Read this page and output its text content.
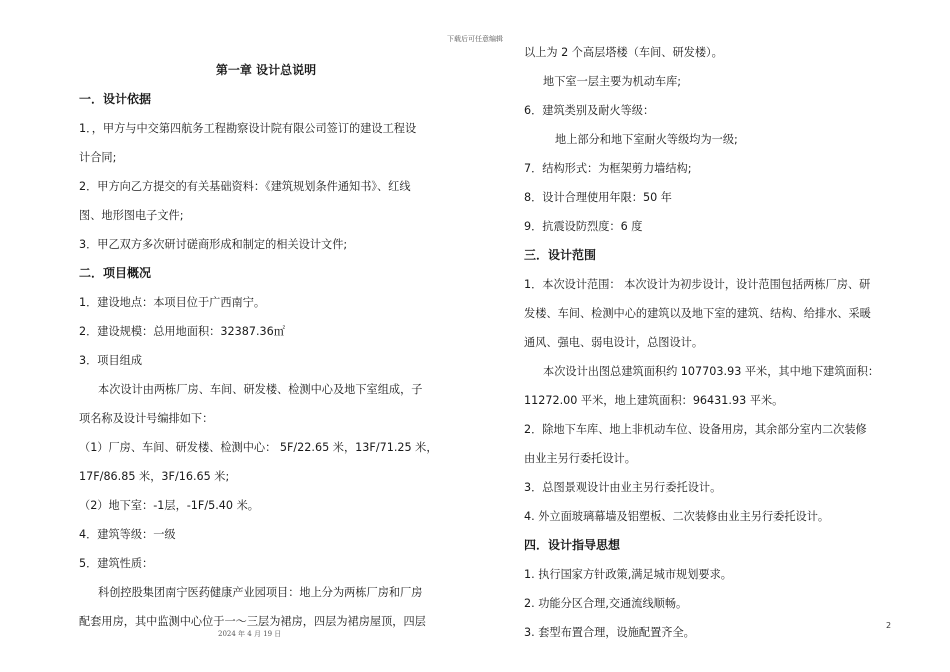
下载后可任意编辑

第一章 设计总说明

一．设计依据

1．，甲方与中交第四航务工程勘察设计院有限公司签订的建设工程设

计合同;

2．甲方向乙方提交的有关基础资料：《建筑规划条件通知书》、红线

图、地形图电子文件;

3．甲乙双方多次研讨磋商形成和制定的相关设计文件;

二．项目概况

1．建设地点：本项目位于广西南宁。

2．建设规模：总用地面积：32387.36㎡

3．项目组成

本次设计由两栋厂房、车间、研发楼、检测中心及地下室组成，子

项名称及设计号编排如下：

（1）厂房、车间、研发楼、检测中心： 5F/22.65 米，13F/71.25 米，

17F/86.85 米，3F/16.65 米;

（2）地下室：-1层，-1F/5.40 米。

4．建筑等级：一级

5．建筑性质：

科创控股集团南宁医药健康产业园项目：地上分为两栋厂房和厂房

配套用房，其中监测中心位于一～三层为裙房，四层为裙房屋顶，四层

以上为 2 个高层塔楼（车间、研发楼）。

地下室一层主要为机动车库;

6．建筑类别及耐火等级：

地上部分和地下室耐火等级均为一级;

7．结构形式：为框架剪力墙结构;

8．设计合理使用年限：50 年

9．抗震设防烈度：6 度

三．设计范围

1．本次设计范围： 本次设计为初步设计，设计范围包括两栋厂房、研

发楼、车间、检测中心的建筑以及地下室的建筑、结构、给排水、采暖

通风、强电、弱电设计，总图设计。

本次设计出图总建筑面积约 107703.93 平米，其中地下建筑面积：

11272.00 平米，地上建筑面积：96431.93 平米。

2．除地下车库、地上非机动车位、设备用房，其余部分室内二次装修

由业主另行委托设计。

3．总图景观设计由业主另行委托设计。

4. 外立面玻璃幕墙及铝塑板、二次装修由业主另行委托设计。

四．设计指导思想

1. 执行国家方针政策,满足城市规划要求。

2. 功能分区合理,交通流线顺畅。

3. 套型布置合理，设施配置齐全。

2
2024 年 4 月 19 日
